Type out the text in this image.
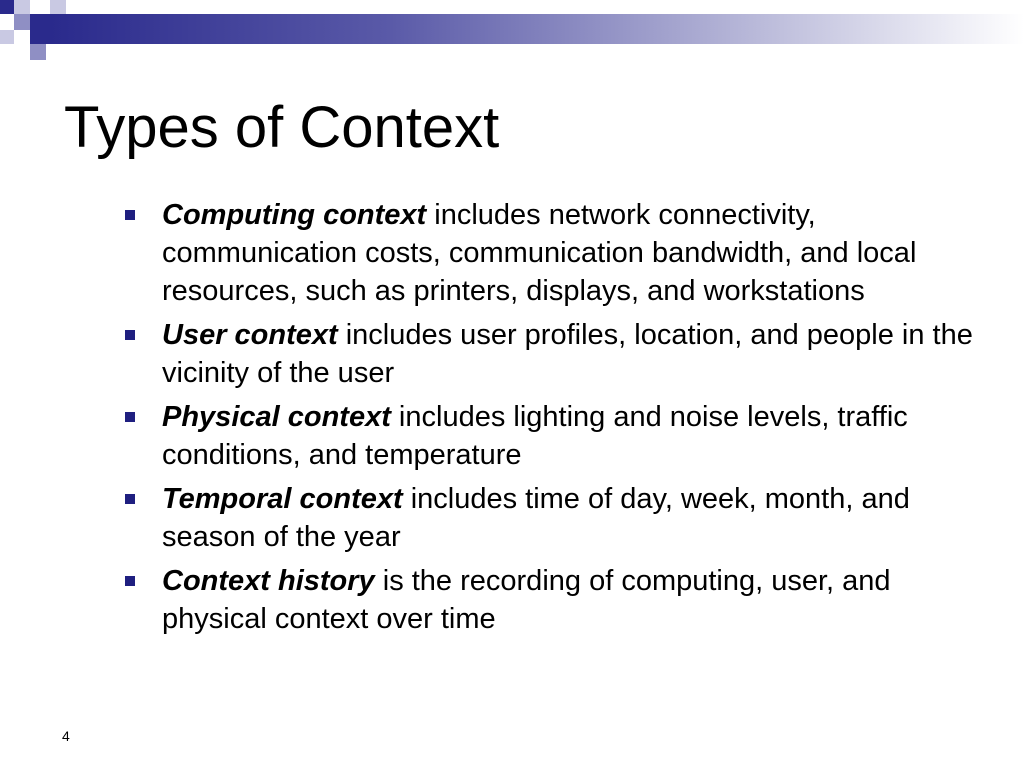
Types of Context
Computing context includes network connectivity, communication costs, communication bandwidth, and local resources, such as printers, displays, and workstations
User context includes user profiles, location, and people in the vicinity of the user
Physical context includes lighting and noise levels, traffic conditions, and temperature
Temporal context includes time of day, week, month, and season of the year
Context history is the recording of computing, user, and physical context over time
4
